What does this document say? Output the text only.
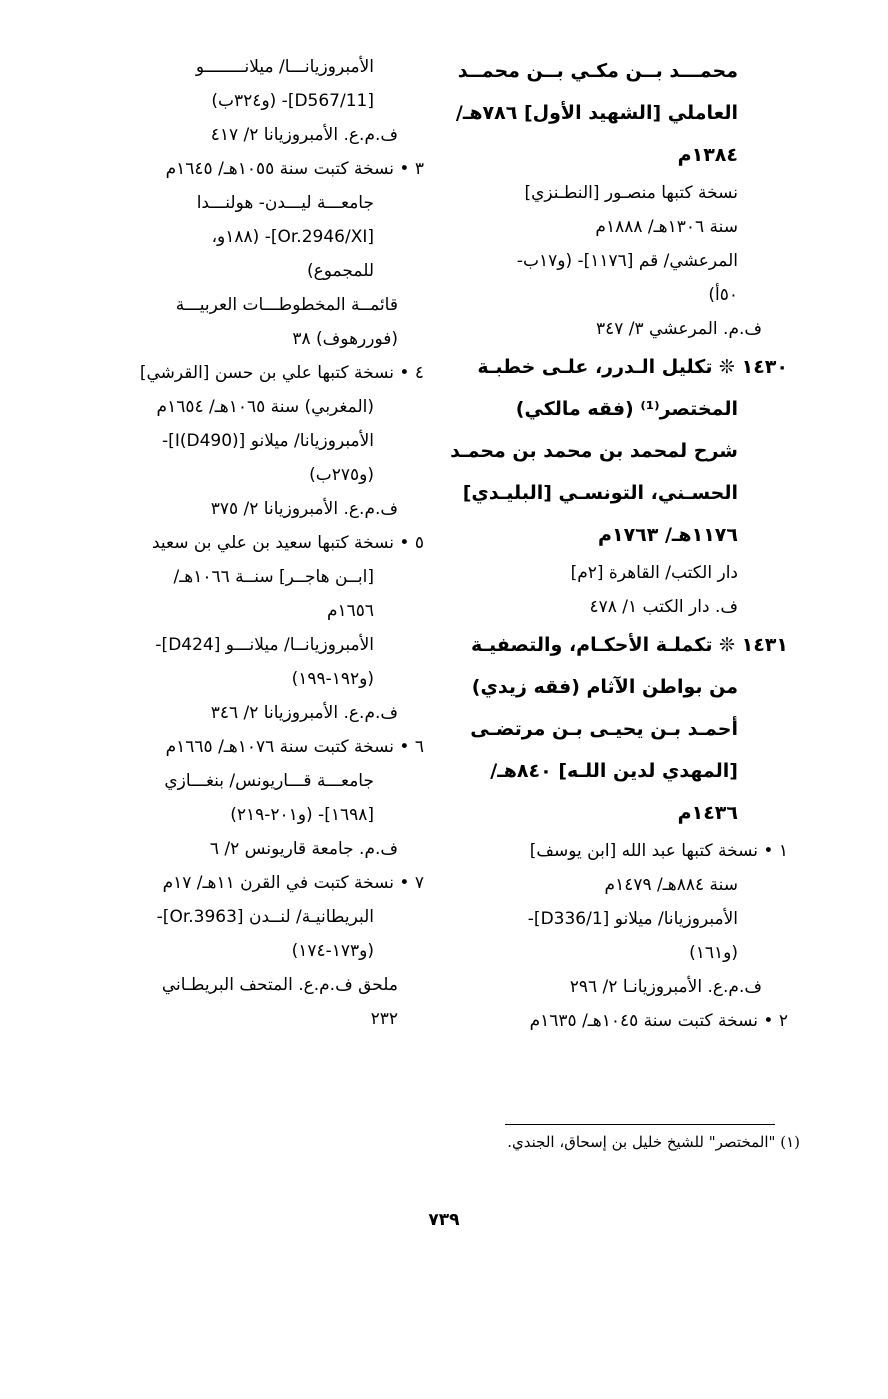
محمـــد بــن مكـي بــن محمــد
العاملي [الشهيد الأول] ٧٨٦هـ/
١٣٨٤م
نسخة كتبها منصـور [النطـنزي]
سنة ١٣٠٦هـ/ ١٨٨٨م
المرعشي/ قم [١١٧٦]- (و١٧ب-
٥٠أ)
ف.م. المرعشي ٣/ ٣٤٧
١٤٣٠ ❊ تكليل الـدرر، علـى خطبـة
المختصر⁽¹⁾ (فقه مالكي)
شرح لمحمد بن محمد بن محمـد
الحسـني، التونسـي [البليـدي]
١١٧٦هـ/ ١٧٦٣م
دار الكتب/ القاهرة [٢م]
ف. دار الكتب ١/ ٤٧٨
١٤٣١ ❊ تكملـة الأحكـام، والتصفيـة
من بواطن الآثام (فقه زيدي)
أحمـد بـن يحيـى بـن مرتضـى
[المهدي لدين اللـه] ٨٤٠هـ/
١٤٣٦م
١ • نسخة كتبها عبد الله [ابن يوسف]
سنة ٨٨٤هـ/ ١٤٧٩م
الأمبروزيانا/ ميلانو [D336/1]-
(و١٦١)
ف.م.ع. الأمبروزيانـا ٢/ ٢٩٦
٢ • نسخة كتبت سنة ١٠٤٥هـ/ ١٦٣٥م
الأمبروزيانـــا/ ميلانــــــــو
[D567/11]- (و٣٢٤ب)
ف.م.ع. الأمبروزيانا ٢/ ٤١٧
٣ • نسخة كتبت سنة ١٠٥٥هـ/ ١٦٤٥م
جامعـــة ليـــدن- هولنـــدا
[Or.2946/XI]- (١٨٨و،
للمجموع)
قائمــة المخطوطـــات العربيـــة
(فوررهوف) ٣٨
٤ • نسخة كتبها علي بن حسن [القرشي]
(المغربي) سنة ١٠٦٥هـ/ ١٦٥٤م
الأمبروزيانا/ ميلانو [I(D490)]-
(و٢٧٥ب)
ف.م.ع. الأمبروزيانا ٢/ ٣٧٥
٥ • نسخة كتبها سعيد بن علي بن سعيد
[ابــن هاجــر] سنــة ١٠٦٦هـ/
١٦٥٦م
الأمبروزيانــا/ ميلانـــو [D424]-
(و١٩٢-١٩٩)
ف.م.ع. الأمبروزيانا ٢/ ٣٤٦
٦ • نسخة كتبت سنة ١٠٧٦هـ/ ١٦٦٥م
جامعـــة قـــاريونس/ بنغـــازي
[١٦٩٨]- (و٢٠١-٢١٩)
ف.م. جامعة قاريونس ٢/ ٦
٧ • نسخة كتبت في القرن ١١هـ/ ١٧م
البريطانيـة/ لنــدن [Or.3963]-
(و١٧٣-١٧٤)
ملحق ف.م.ع. المتحف البريطـاني
٢٣٢
(١) "المختصر" للشيخ خليل بن إسحاق، الجندي.
٧٣٩
